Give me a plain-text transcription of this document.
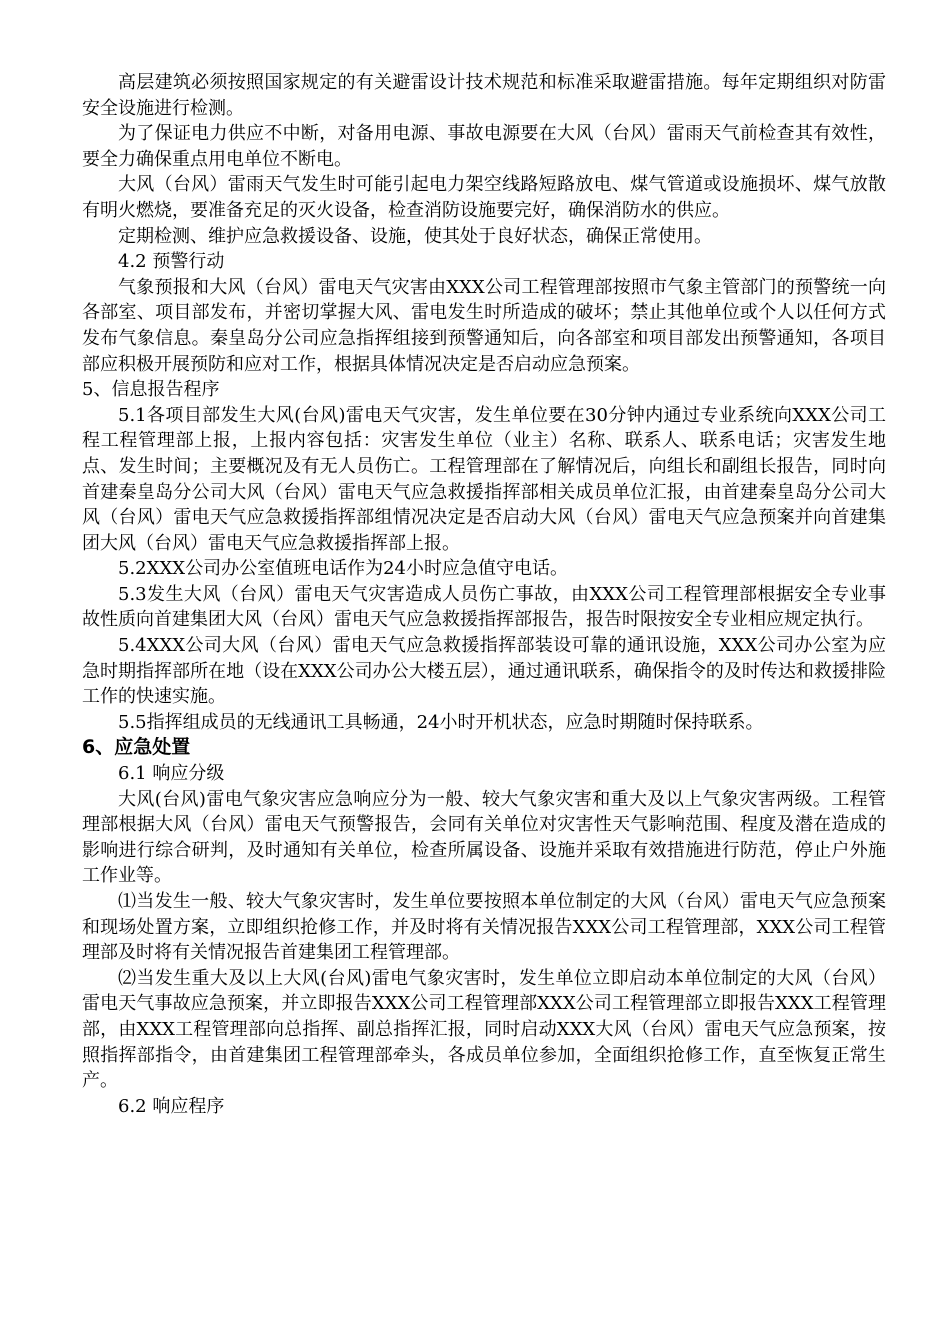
高层建筑必须按照国家规定的有关避雷设计技术规范和标准采取避雷措施。每年定期组织对防雷安全设施进行检测。

为了保证电力供应不中断，对备用电源、事故电源要在大风（台风）雷雨天气前检查其有效性，要全力确保重点用电单位不断电。

大风（台风）雷雨天气发生时可能引起电力架空线路短路放电、煤气管道或设施损坏、煤气放散有明火燃烧，要准备充足的灭火设备，检查消防设施要完好，确保消防水的供应。

定期检测、维护应急救援设备、设施，使其处于良好状态，确保正常使用。

4.2 预警行动

气象预报和大风（台风）雷电天气灾害由XXX公司工程管理部按照市气象主管部门的预警统一向各部室、项目部发布，并密切掌握大风、雷电发生时所造成的破坏；禁止其他单位或个人以任何方式发布气象信息。秦皇岛分公司应急指挥组接到预警通知后，向各部室和项目部发出预警通知，各项目部应积极开展预防和应对工作，根据具体情况决定是否启动应急预案。

5、信息报告程序

5.1各项目部发生大风(台风)雷电天气灾害，发生单位要在30分钟内通过专业系统向XXX公司工程工程管理部上报，上报内容包括：灾害发生单位（业主）名称、联系人、联系电话；灾害发生地点、发生时间；主要概况及有无人员伤亡。工程管理部在了解情况后，向组长和副组长报告，同时向首建秦皇岛分公司大风（台风）雷电天气应急救援指挥部相关成员单位汇报，由首建秦皇岛分公司大风（台风）雷电天气应急救援指挥部组情况决定是否启动大风（台风）雷电天气应急预案并向首建集团大风（台风）雷电天气应急救援指挥部上报。

5.2XXX公司办公室值班电话作为24小时应急值守电话。

5.3发生大风（台风）雷电天气灾害造成人员伤亡事故，由XXX公司工程管理部根据安全专业事故性质向首建集团大风（台风）雷电天气应急救援指挥部报告，报告时限按安全专业相应规定执行。

5.4XXX公司大风（台风）雷电天气应急救援指挥部装设可靠的通讯设施，XXX公司办公室为应急时期指挥部所在地（设在XXX公司办公大楼五层），通过通讯联系，确保指令的及时传达和救援排险工作的快速实施。

5.5指挥组成员的无线通讯工具畅通，24小时开机状态，应急时期随时保持联系。

6、应急处置

6.1 响应分级

大风(台风)雷电气象灾害应急响应分为一般、较大气象灾害和重大及以上气象灾害两级。工程管理部根据大风（台风）雷电天气预警报告，会同有关单位对灾害性天气影响范围、程度及潜在造成的影响进行综合研判，及时通知有关单位，检查所属设备、设施并采取有效措施进行防范，停止户外施工作业等。

⑴当发生一般、较大气象灾害时，发生单位要按照本单位制定的大风（台风）雷电天气应急预案和现场处置方案，立即组织抢修工作，并及时将有关情况报告XXX公司工程管理部，XXX公司工程管理部及时将有关情况报告首建集团工程管理部。

⑵当发生重大及以上大风(台风)雷电气象灾害时，发生单位立即启动本单位制定的大风（台风）雷电天气事故应急预案，并立即报告XXX公司工程管理部XXX公司工程管理部立即报告XXX工程管理部，由XXX工程管理部向总指挥、副总指挥汇报，同时启动XXX大风（台风）雷电天气应急预案，按照指挥部指令，由首建集团工程管理部牵头，各成员单位参加，全面组织抢修工作，直至恢复正常生产。

6.2 响应程序
